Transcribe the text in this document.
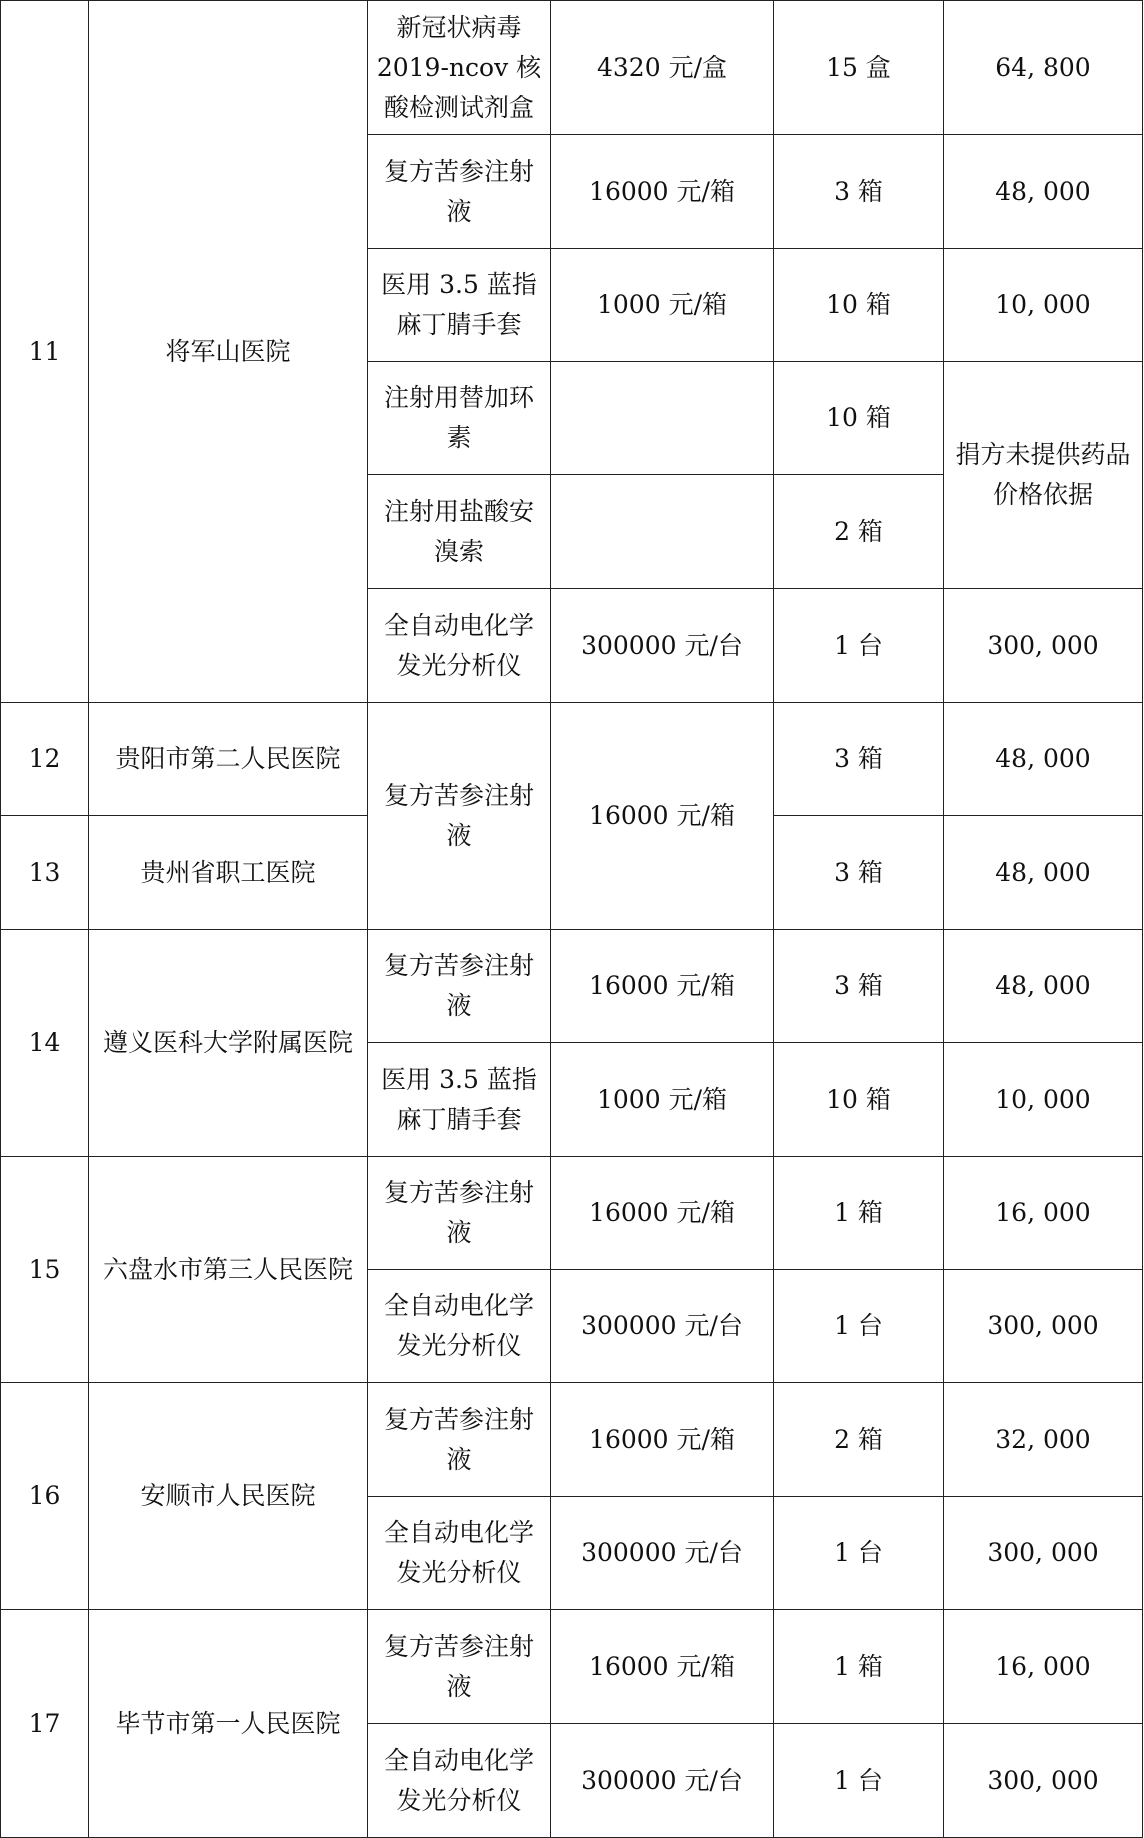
11	将军山医院	新冠状病毒2019-ncov 核酸检测试剂盒	4320 元/盒	15 盒	64, 800
		复方苦参注射液	16000 元/箱	3 箱	48, 000
		医用 3.5 蓝指麻丁腈手套	1000 元/箱	10 箱	10, 000
		注射用替加环素		10 箱	捐方未提供药品价格依据
		注射用盐酸安溴索		2 箱	
		全自动电化学发光分析仪	300000 元/台	1 台	300, 000
12	贵阳市第二人民医院	复方苦参注射液	16000 元/箱	3 箱	48, 000
13	贵州省职工医院			3 箱	48, 000
14	遵义医科大学附属医院	复方苦参注射液	16000 元/箱	3 箱	48, 000
		医用 3.5 蓝指麻丁腈手套	1000 元/箱	10 箱	10, 000
15	六盘水市第三人民医院	复方苦参注射液	16000 元/箱	1 箱	16, 000
		全自动电化学发光分析仪	300000 元/台	1 台	300, 000
16	安顺市人民医院	复方苦参注射液	16000 元/箱	2 箱	32, 000
		全自动电化学发光分析仪	300000 元/台	1 台	300, 000
17	毕节市第一人民医院	复方苦参注射液	16000 元/箱	1 箱	16, 000
		全自动电化学发光分析仪	300000 元/台	1 台	300, 000
